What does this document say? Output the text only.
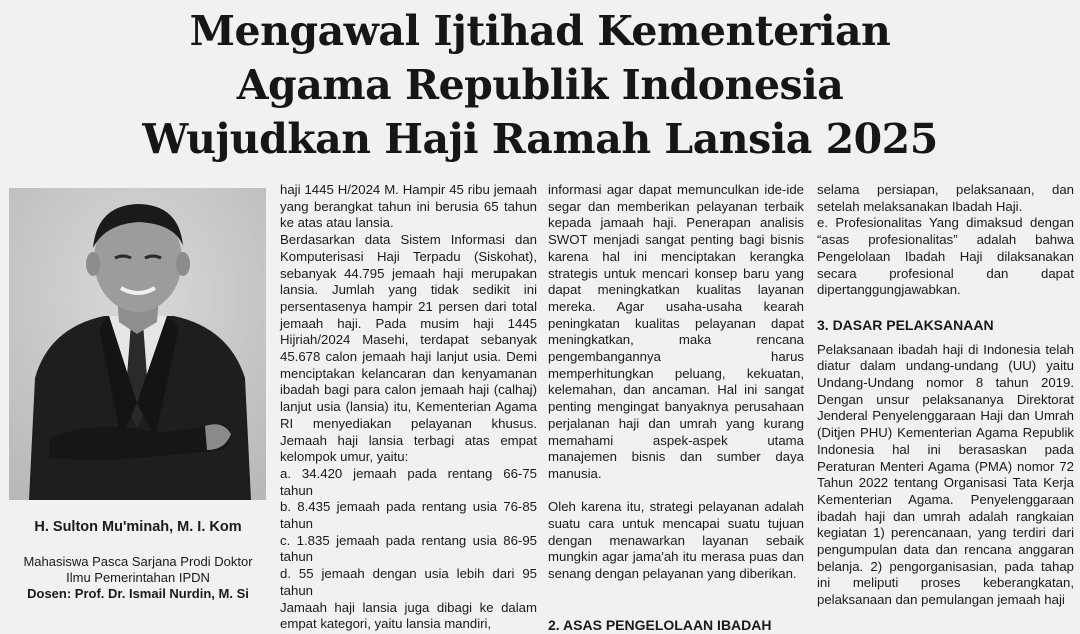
Mengawal Ijtihad Kementerian
Agama Republik Indonesia
Wujudkan Haji Ramah Lansia 2025
H. Sulton Mu'minah, M. I. Kom
Mahasiswa Pasca Sarjana Prodi Doktor
Ilmu Pemerintahan IPDN
Dosen: Prof. Dr. Ismail Nurdin, M. Si

haji 1445 H/2024 M. Hampir 45 ribu jemaah yang berangkat tahun ini berusia 65 tahun ke atas atau lansia.

Berdasarkan data Sistem Informasi dan Komputerisasi Haji Terpadu (Siskohat), sebanyak 44.795 jemaah haji merupakan lansia. Jumlah yang tidak sedikit ini persentasenya hampir 21 persen dari total jemaah haji. Pada musim haji 1445 Hijriah/2024 Masehi, terdapat sebanyak 45.678 calon jemaah haji lanjut usia. Demi menciptakan kelancaran dan kenyamanan ibadah bagi para calon jemaah haji (calhaj) lanjut usia (lansia) itu, Kementerian Agama RI menyediakan pelayanan khusus. Jemaah haji lansia terbagi atas empat kelompok umur, yaitu:

a. 34.420 jemaah pada rentang 66-75 tahun

b. 8.435 jemaah pada rentang usia 76-85 tahun

c. 1.835 jemaah pada rentang usia 86-95 tahun

d. 55 jemaah dengan usia lebih dari 95 tahun

Jamaah haji lansia juga dibagi ke dalam empat kategori, yaitu lansia mandiri,

informasi agar dapat memunculkan ide-ide segar dan memberikan pelayanan terbaik kepada jamaah haji. Penerapan analisis SWOT menjadi sangat penting bagi bisnis karena hal ini menciptakan kerangka strategis untuk mencari konsep baru yang dapat meningkatkan kualitas layanan mereka. Agar usaha-usaha kearah peningkatan kualitas pelayanan dapat meningkatkan, maka rencana pengembangannya harus memperhitungkan peluang, kekuatan, kelemahan, dan ancaman. Hal ini sangat penting mengingat banyaknya perusahaan perjalanan haji dan umrah yang kurang memahami aspek-aspek utama manajemen bisnis dan sumber daya manusia.

Oleh karena itu, strategi pelayanan adalah suatu cara untuk mencapai suatu tujuan dengan menawarkan layanan sebaik mungkin agar jama'ah itu merasa puas dan senang dengan pelayanan yang diberikan.

2. ASAS PENGELOLAAN IBADAH

selama persiapan, pelaksanaan, dan setelah melaksanakan Ibadah Haji.

e. Profesionalitas Yang dimaksud dengan “asas profesionalitas” adalah bahwa Pengelolaan Ibadah Haji dilaksanakan secara profesional dan dapat dipertanggungjawabkan.

3. DASAR PELAKSANAAN

Pelaksanaan ibadah haji di Indonesia telah diatur dalam undang-undang (UU) yaitu Undang-Undang nomor 8 tahun 2019. Dengan unsur pelaksananya Direktorat Jenderal Penyelenggaraan Haji dan Umrah (Ditjen PHU) Kementerian Agama Republik Indonesia hal ini berasaskan pada Peraturan Menteri Agama (PMA) nomor 72 Tahun 2022 tentang Organisasi Tata Kerja Kementerian Agama. Penyelenggaraan ibadah haji dan umrah adalah rangkaian kegiatan 1) perencanaan, yang terdiri dari pengumpulan data dan rencana anggaran belanja. 2) pengorganisasian, pada tahap ini meliputi proses keberangkatan, pelaksanaan dan pemulangan jemaah haji
